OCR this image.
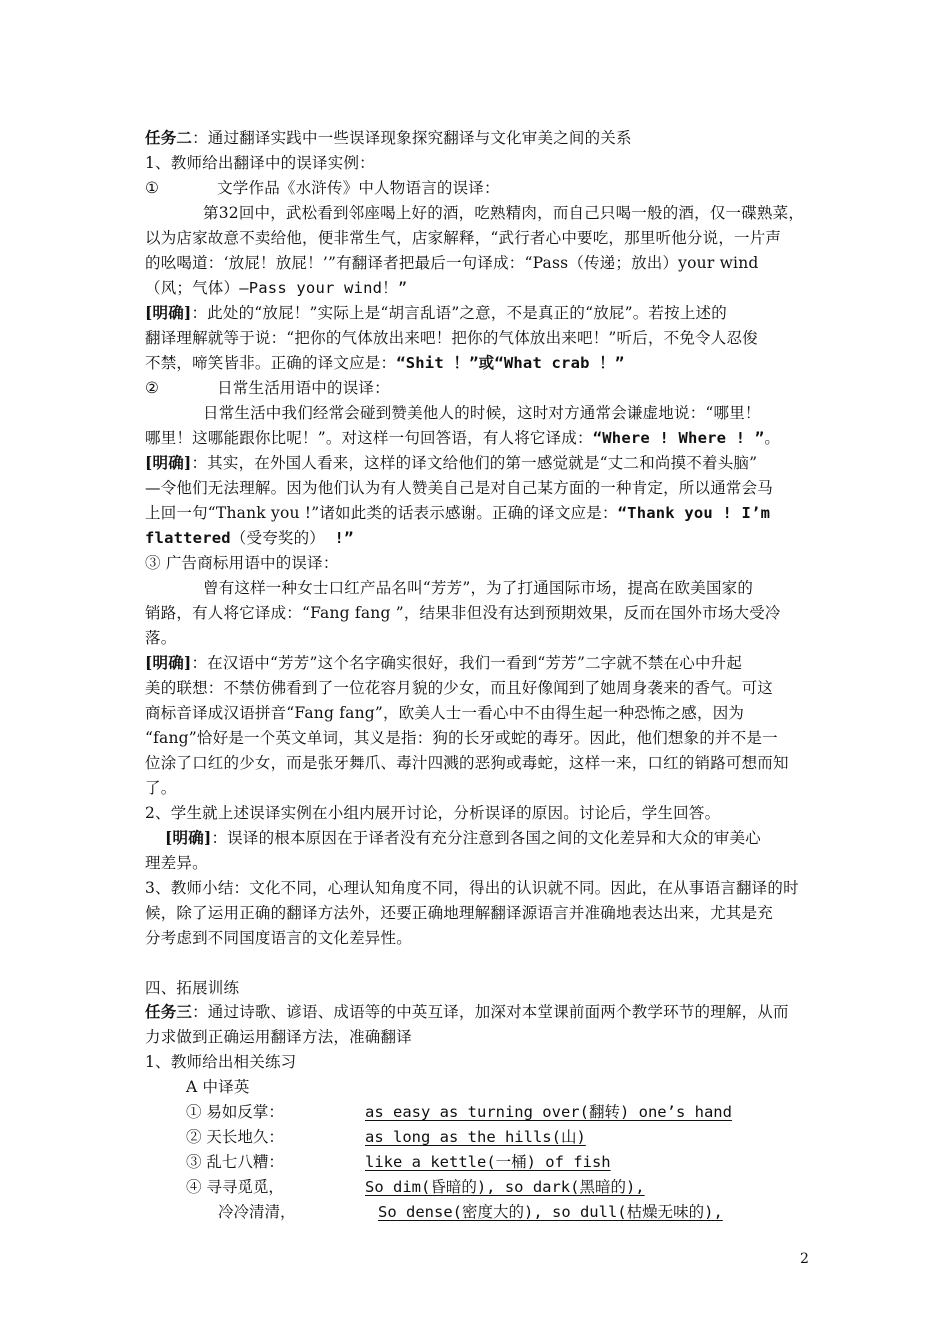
任务二：通过翻译实践中一些误译现象探究翻译与文化审美之间的关系
1、教师给出翻译中的误译实例：
①	文学作品《水浒传》中人物语言的误译：
第32回中，武松看到邻座喝上好的酒，吃熟精肉，而自己只喝一般的酒，仅一碟熟菜，
以为店家故意不卖给他，便非常生气，店家解释，“武行者心中要吃，那里听他分说，一片声
的吆喝道：‘放屁！放屁！’”有翻译者把最后一句译成：“Pass（传递；放出）your wind
（风；气体）—Pass your wind！”
[明确]：此处的“放屁！”实际上是“胡言乱语”之意，不是真正的“放屁”。若按上述的
翻译理解就等于说：“把你的气体放出来吧！把你的气体放出来吧！”听后，不免令人忍俊
不禁，啼笑皆非。正确的译文应是：“Shit ！”或“What crab ！”
②	日常生活用语中的误译：
日常生活中我们经常会碰到赞美他人的时候，这时对方通常会谦虚地说：“哪里！
哪里！这哪能跟你比呢！”。对这样一句回答语，有人将它译成：“Where ! Where ! ”。
[明确]：其实，在外国人看来，这样的译文给他们的第一感觉就是“丈二和尚摸不着头脑”
—令他们无法理解。因为他们认为有人赞美自己是对自己某方面的一种肯定，所以通常会马
上回一句“Thank you !”诸如此类的话表示感谢。正确的译文应是：“Thank you ! I’m
flattered（受夸奖的） !”
③ 广告商标用语中的误译：
曾有这样一种女士口红产品名叫“芳芳”，为了打通国际市场，提高在欧美国家的
销路，有人将它译成：“Fang fang ”，结果非但没有达到预期效果，反而在国外市场大受冷
落。
[明确]：在汉语中“芳芳”这个名字确实很好，我们一看到“芳芳”二字就不禁在心中升起
美的联想：不禁仿佛看到了一位花容月貌的少女，而且好像闻到了她周身袭来的香气。可这
商标音译成汉语拼音“Fang fang”，欧美人士一看心中不由得生起一种恐怖之感，因为
“fang”恰好是一个英文单词，其义是指：狗的长牙或蛇的毒牙。因此，他们想象的并不是一
位涂了口红的少女，而是张牙舞爪、毒汁四溅的恶狗或毒蛇，这样一来，口红的销路可想而知
了。
2、学生就上述误译实例在小组内展开讨论，分析误译的原因。讨论后，学生回答。
[明确]：误译的根本原因在于译者没有充分注意到各国之间的文化差异和大众的审美心
理差异。
3、教师小结：文化不同，心理认知角度不同，得出的认识就不同。因此，在从事语言翻译的时
候，除了运用正确的翻译方法外，还要正确地理解翻译源语言并准确地表达出来，尤其是充
分考虑到不同国度语言的文化差异性。
四、拓展训练
任务三：通过诗歌、谚语、成语等的中英互译，加深对本堂课前面两个教学环节的理解，从而
力求做到正确运用翻译方法，准确翻译
1、教师给出相关练习
A 中译英
① 易如反掌：	as easy as turning over(翻转) one’s hand
② 天长地久：	as long as the hills(山)
③ 乱七八糟：	like a kettle(一桶) of fish
④ 寻寻觅觅，	So dim(昏暗的), so dark(黑暗的),
冷冷清清，	So dense(密度大的), so dull(枯燥无味的),
2
